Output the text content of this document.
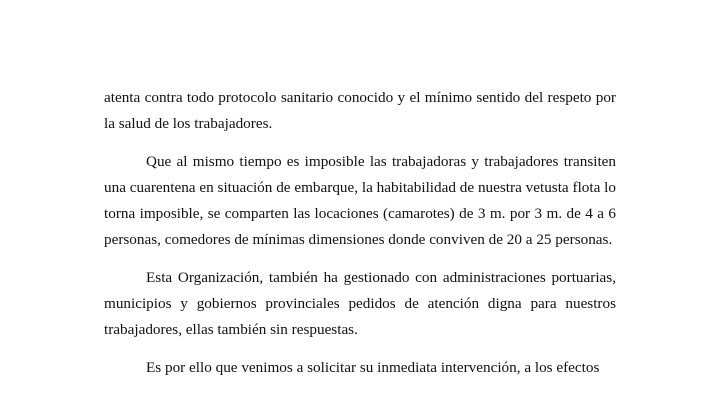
atenta contra todo protocolo sanitario conocido y el mínimo sentido del respeto por la salud de los trabajadores.

Que al mismo tiempo es imposible las trabajadoras y trabajadores transiten una cuarentena en situación de embarque, la habitabilidad de nuestra vetusta flota lo torna imposible, se comparten las locaciones (camarotes) de 3 m. por 3 m. de 4 a 6 personas, comedores de mínimas dimensiones donde conviven de 20 a 25 personas.

Esta Organización, también ha gestionado con administraciones portuarias, municipios y gobiernos provinciales pedidos de atención digna para nuestros trabajadores, ellas también sin respuestas.

Es por ello que venimos a solicitar su inmediata intervención, a los efectos
